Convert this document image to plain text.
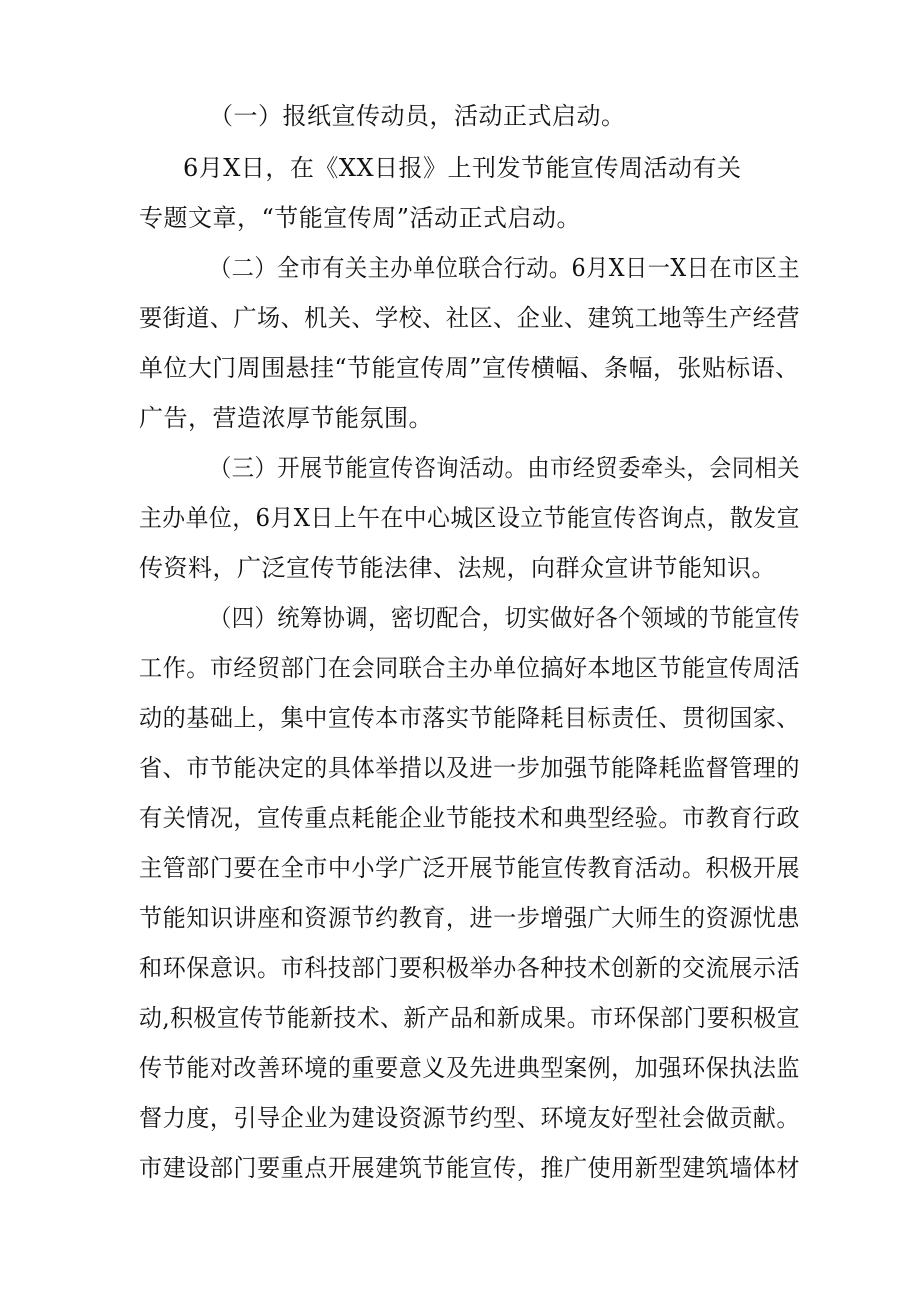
（一）报纸宣传动员，活动正式启动。
6月X日，在《XX日报》上刊发节能宣传周活动有关
专题文章，“节能宣传周”活动正式启动。
（二）全市有关主办单位联合行动。6月X日一X日在市区主
要街道、广场、机关、学校、社区、企业、建筑工地等生产经营
单位大门周围悬挂“节能宣传周”宣传横幅、条幅，张贴标语、
广告，营造浓厚节能氛围。
（三）开展节能宣传咨询活动。由市经贸委牵头，会同相关
主办单位，6月X日上午在中心城区设立节能宣传咨询点，散发宣
传资料，广泛宣传节能法律、法规，向群众宣讲节能知识。
（四）统筹协调，密切配合，切实做好各个领域的节能宣传
工作。市经贸部门在会同联合主办单位搞好本地区节能宣传周活
动的基础上，集中宣传本市落实节能降耗目标责任、贯彻国家、
省、市节能决定的具体举措以及进一步加强节能降耗监督管理的
有关情况，宣传重点耗能企业节能技术和典型经验。市教育行政
主管部门要在全市中小学广泛开展节能宣传教育活动。积极开展
节能知识讲座和资源节约教育，进一步增强广大师生的资源忧患
和环保意识。市科技部门要积极举办各种技术创新的交流展示活
动,积极宣传节能新技术、新产品和新成果。市环保部门要积极宣
传节能对改善环境的重要意义及先进典型案例，加强环保执法监
督力度，引导企业为建设资源节约型、环境友好型社会做贡献。
市建设部门要重点开展建筑节能宣传，推广使用新型建筑墙体材
